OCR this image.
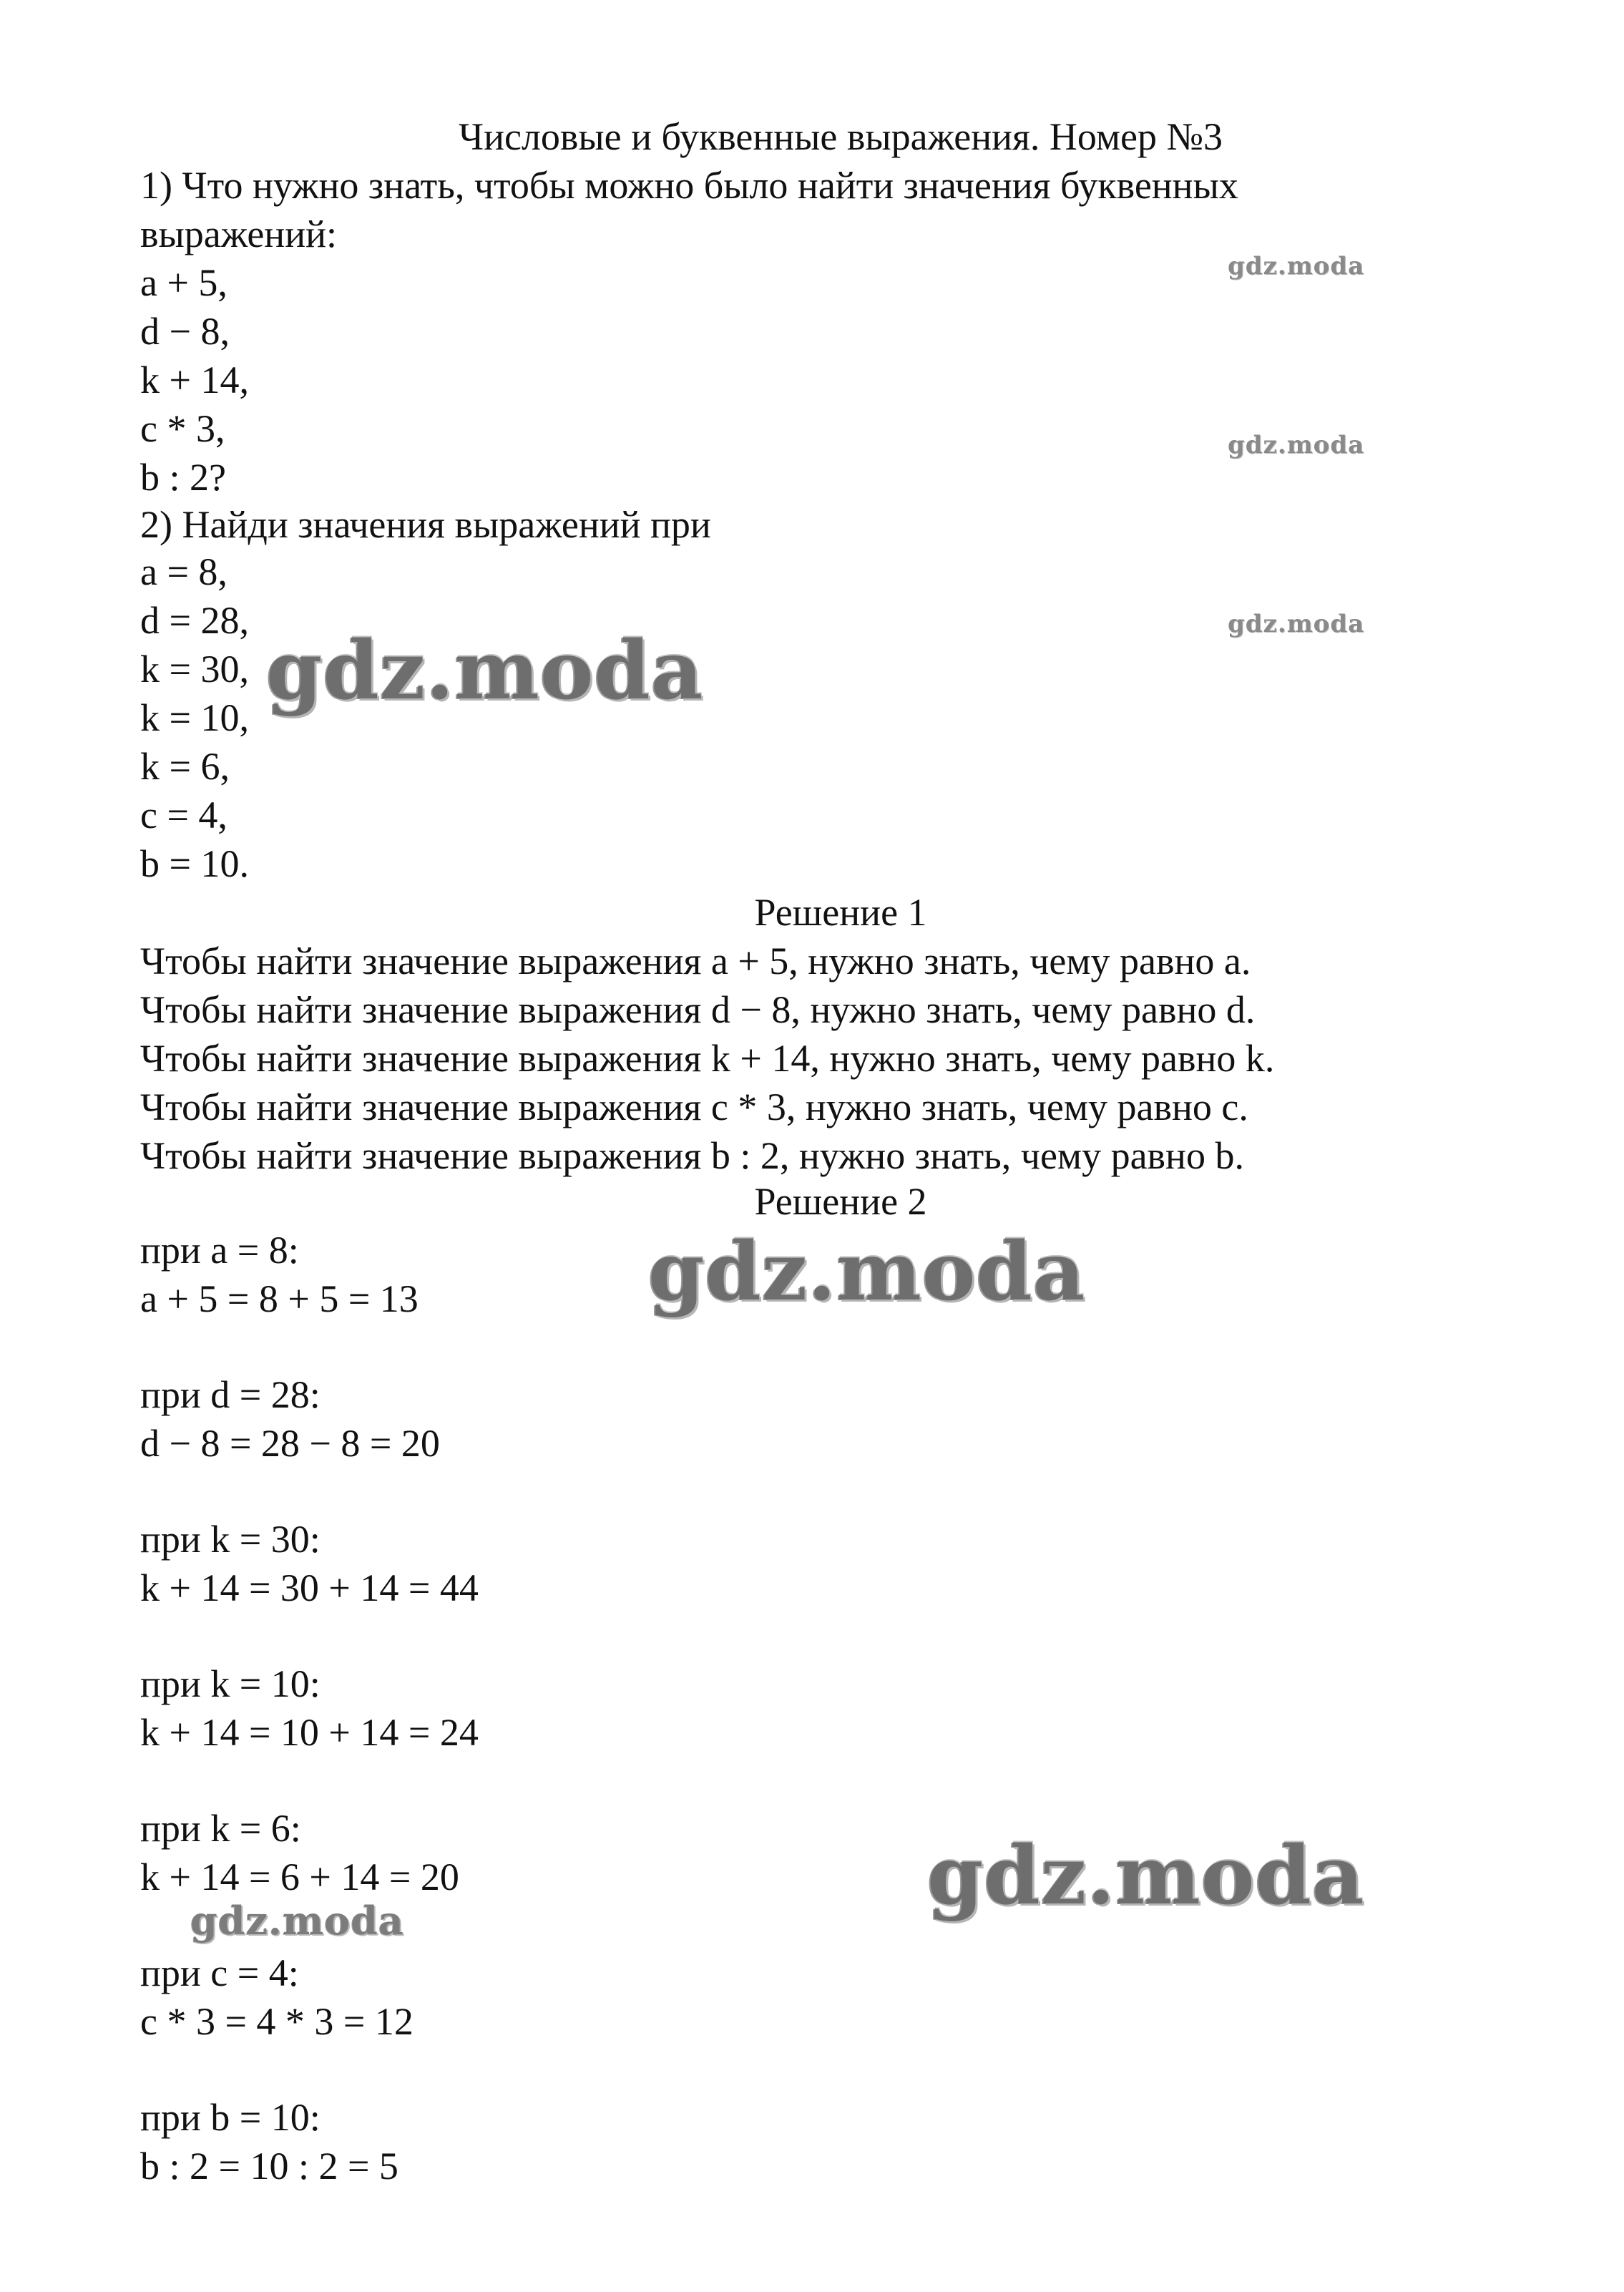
Числовые и буквенные выражения. Номер №3
1) Что нужно знать, чтобы можно было найти значения буквенных
выражений:
a + 5,
d − 8,
k + 14,
c * 3,
b : 2?
2) Найди значения выражений при
a = 8,
d = 28,
k = 30,
k = 10,
k = 6,
c = 4,
b = 10.
Решение 1
Чтобы найти значение выражения a + 5, нужно знать, чему равно a.
Чтобы найти значение выражения d − 8, нужно знать, чему равно d.
Чтобы найти значение выражения k + 14, нужно знать, чему равно k.
Чтобы найти значение выражения c * 3, нужно знать, чему равно c.
Чтобы найти значение выражения b : 2, нужно знать, чему равно b.
Решение 2
при a = 8:
a + 5 = 8 + 5 = 13
при d = 28:
d − 8 = 28 − 8 = 20
при k = 30:
k + 14 = 30 + 14 = 44
при k = 10:
k + 14 = 10 + 14 = 24
при k = 6:
k + 14 = 6 + 14 = 20
при c = 4:
c * 3 = 4 * 3 = 12
при b = 10:
b : 2 = 10 : 2 = 5
gdz.moda
gdz.moda
gdz.moda
gdz.moda
gdz.moda
gdz.moda
gdz.moda
